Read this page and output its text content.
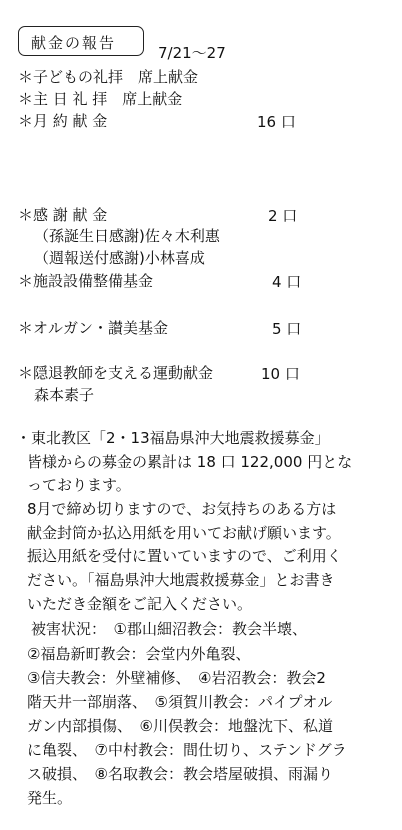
献金の報告
7/21〜27
＊子どもの礼拝　席上献金
＊主 日 礼 拝　席上献金
＊月 約 献 金	16 口
＊感 謝 献 金	2 口
（孫誕生日感謝)佐々木利惠
（週報送付感謝)小林喜成
＊施設設備整備基金	4 口
＊オルガン・讃美基金	5 口
＊隠退教師を支える運動献金	10 口
森本素子
・東北教区「2・13福島県沖大地震救援募金」
皆様からの募金の累計は 18 口 122,000 円とな
っております。
8月で締め切りますので、お気持ちのある方は
献金封筒か払込用紙を用いてお献げ願います。
振込用紙を受付に置いていますので、ご利用く
ださい。「福島県沖大地震救援募金」とお書き
いただき金額をご記入ください。
被害状況：　①郡山細沼教会：教会半壊、
②福島新町教会：会堂内外亀裂、
③信夫教会：外壁補修、　④岩沼教会：教会2
階天井一部崩落、　⑤須賀川教会：パイプオル
ガン内部損傷、　⑥川俣教会：地盤沈下、私道
に亀裂、　⑦中村教会：間仕切り、ステンドグラ
ス破損、　⑧名取教会：教会塔屋破損、雨漏り
発生。
